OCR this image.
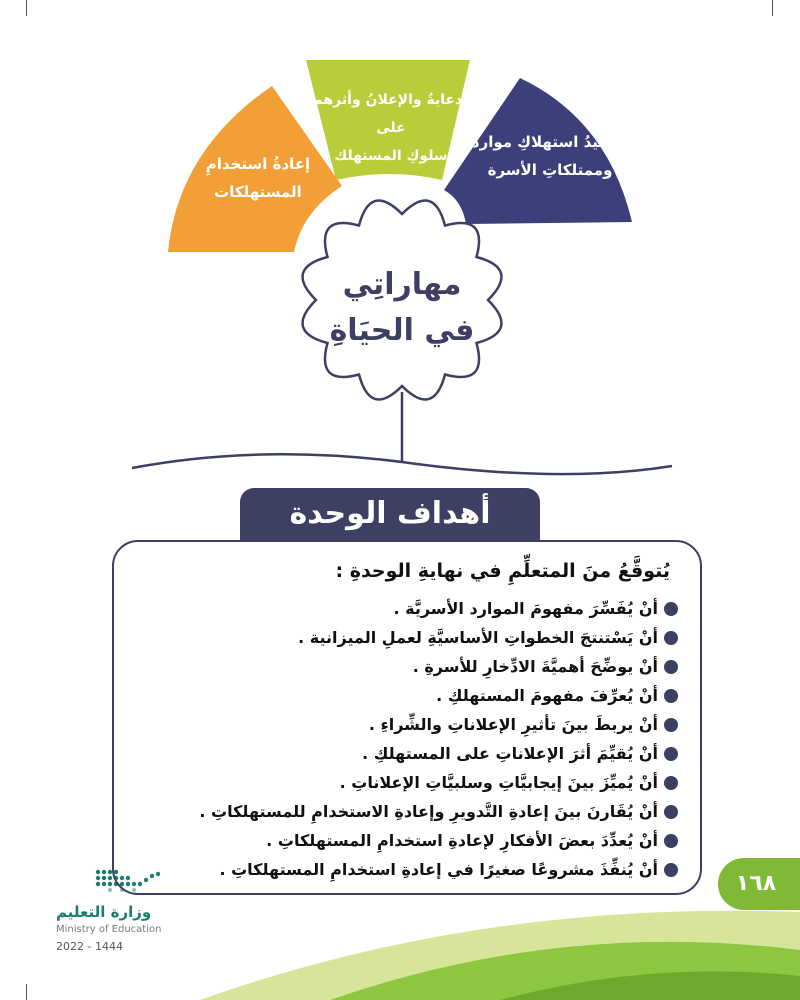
إعادةُ استخدامِ
المستهلكات
الدعايةُ والإعلانُ وأثرهما على
سلوكِ المستهلك
ترشيدُ استهلاكِ موارد
وممتلكاتِ الأسرة
مهاراتِي
في الحيَاةِ
أهداف الوحدة
يُتوقَّعُ منَ المتعلِّمِ في نهايةِ الوحدةِ :
أنْ يُفَسِّرَ مفهومَ الموارد الأسريَّة .
أنْ يَسْتنتجَ الخطواتِ الأساسيَّةِ لعملِ الميزانية .
أنْ يوضِّحَ أهميَّةَ الادِّخارِ للأسرةِ .
أنْ يُعرِّفَ مفهومَ المستهلكِ .
أنْ يربطَ بينَ تأثيرِ الإعلاناتِ والشِّراءِ .
أنْ يُقيِّمَ أثرَ الإعلاناتِ على المستهلكِ .
أنْ يُميِّزَ بينَ إيجابيَّاتِ وسلبيَّاتِ الإعلاناتِ .
أنْ يُقَارنَ بينَ إعادةِ التَّدويرِ وإعادةِ الاستخدامِ للمستهلكاتِ .
أنْ يُعدِّدَ بعضَ الأفكارِ لإعادةِ استخدامِ المستهلكاتِ .
أنْ يُنفِّذَ مشروعًا صغيرًا في إعادةِ استخدامِ المستهلكاتِ .
١٦٨
وزارة التعليم
Ministry of Education
2022 - 1444
